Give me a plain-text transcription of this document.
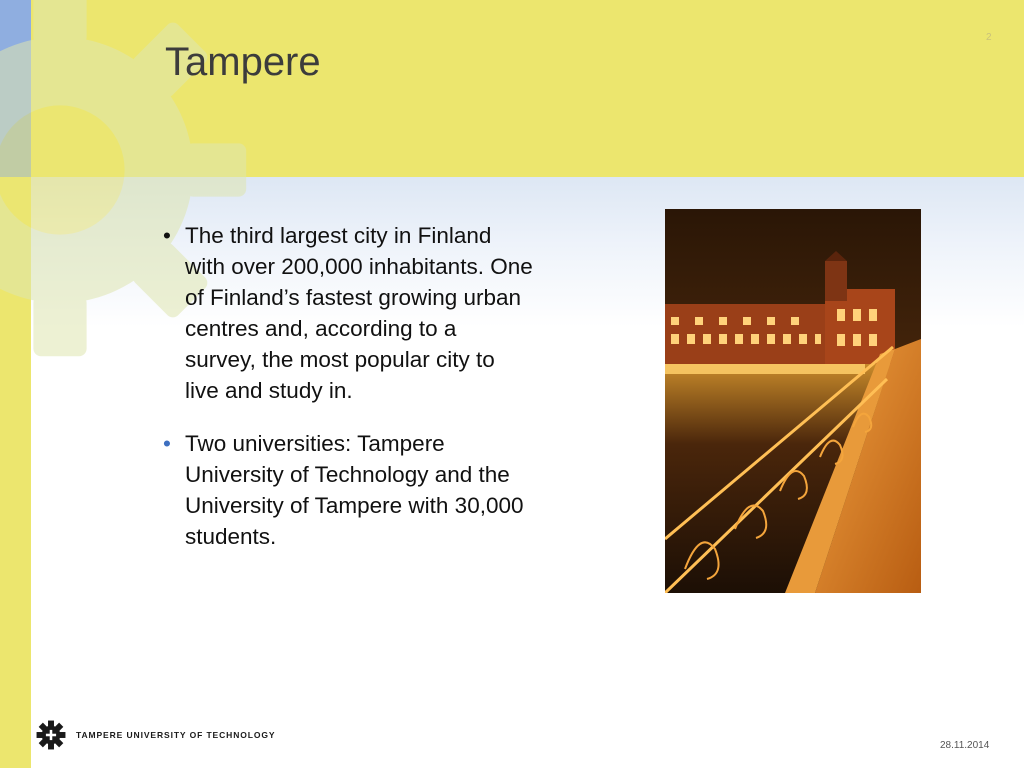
Tampere
2
• The third largest city in Finland with over 200,000 inhabitants. One of Finland’s fastest growing urban centres and, according to a survey, the most popular city to live and study in.
• Two universities: Tampere University of Technology and the University of Tampere with 30,000 students.
TAMPERE UNIVERSITY OF TECHNOLOGY
28.11.2014
